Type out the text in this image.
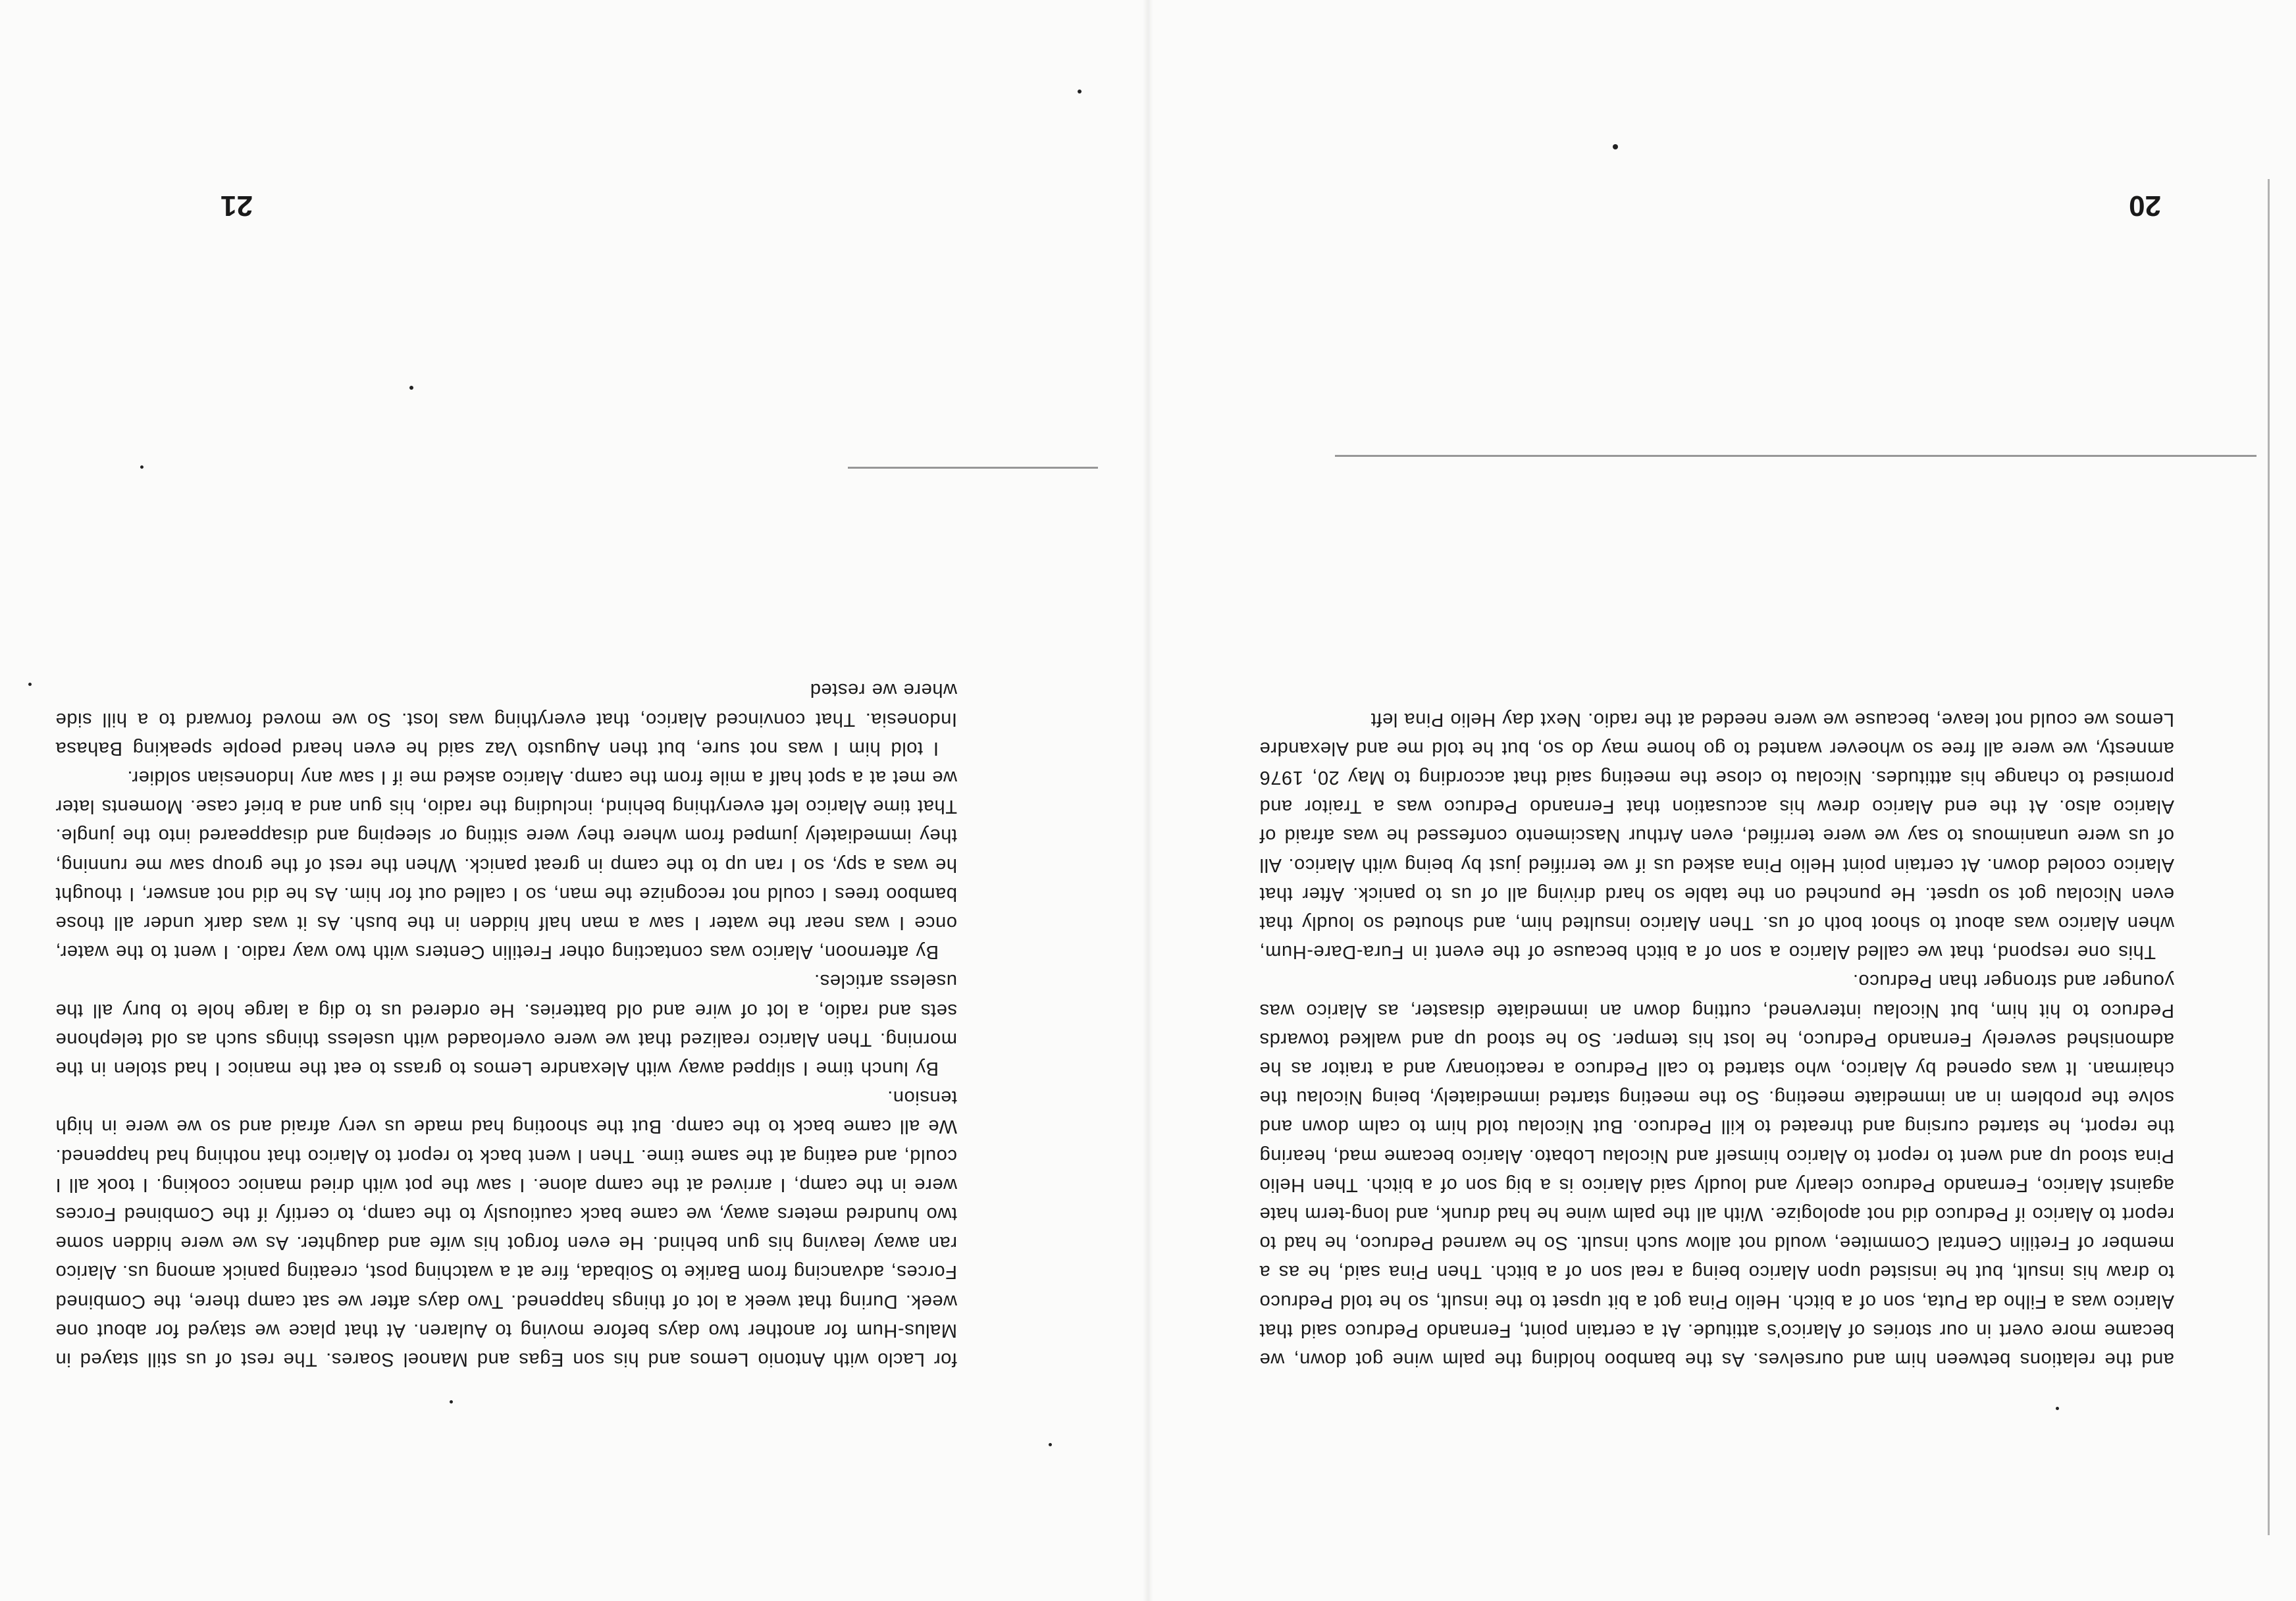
and the relations between him and ourselves. As the bamboo holding the palm wine got down, we became more overt in our stories of Alarico's attitude. At a certain point, Fernando Pedruco said that Alarico was a Filho da Puta, son of a bitch. Helio Pina got a bit upset to the insult, so he told Pedruco to draw his insult, but he insisted upon Alarico being a real son of a bitch. Then Pina said, he as a member of Fretilin Central Commitee, would not allow such insult. So he warned Pedruco, he had to report to Alarico if Pedruco did not apologize. With all the palm wine he had drunk, and long-term hate against Alarico, Fernando Pedruco clearly and loudly said Alarico is a big son of a bitch. Then Helio Pina stood up and went to report to Alarico himself and Nicolau Lobato. Alarico became mad, hearing the report, he started cursing and threated to kill Pedruco. But Nicolau told him to calm down and solve the problem in an immediate meeting. So the meeting started immediately, being Nicolau the chairman. It was opened by Alarico, who started to call Pedruco a reactionary and a traitor as he admonished severely Fernando Pedruco, he lost his temper. So he stood up and walked towards Pedruco to hit him, but Nicolau intervened, cutting down an immediate disaster, as Alarico was younger and stronger than Pedruco.

This one respond, that we called Alarico a son of a bitch because of the event in Fura-Dare-Hum, when Alarico was about to shoot both of us. Then Alarico insulted him, and shouted so loudly that even Nicolau got so upset. He punched on the table so hard driving all of us to panick. After that Alarico cooled down. At certain point Helio Pina asked us if we terrified just by being with Alarico. All of us were unanimous to say we were terrified, even Arthur Nascimento confessed he was afraid of Alarico also. At the end Alarico drew his accusation that Fernando Pedruco was a Traitor and promised to change his attitudes. Nicolau to close the meeting said that according to May 20, 1976 amnesty, we were all free so whoever wanted to go home may do so, but he told me and Alexandre Lemos we could not leave, because we were needed at the radio. Next day Helio Pina left

20

for Laclo with Antonio Lemos and his son Egas and Manoel Soares. The rest of us still stayed in Malus-Hum for another two days before moving to Aularen. At that place we stayed for about one week. During that week a lot of things happened. Two days after we sat camp there, the Combined Forces, advancing from Barike to Soibada, fire at a watching post, creating panick among us. Alarico ran away leaving his gun behind. He even forgot his wife and daughter. As we were hidden some two hundred meters away, we came back cautiously to the camp, to certify if the Combined Forces were in the camp, I arrived at the camp alone. I saw the pot with dried manioc cooking. I took all I could, and eating at the same time. Then I went back to report to Alarico that nothing had happened. We all came back to the camp. But the shooting had made us very afraid and so we were in high tension.

By lunch time I slipped away with Alexandre Lemos to grass to eat the manioc I had stolen in the morning. Then Alarico realized that we were overloaded with useless things such as old telephone sets and radio, a lot of wire and old batteries. He ordered us to dig a large hole to bury all the useless articles.

By afternoon, Alarico was contacting other Fretilin Centers with two way radio. I went to the water, once I was near the water I saw a man half hidden in the bush. As it was dark under all those bamboo trees I could not recognize the man, so I called out for him. As he did not answer, I thought he was a spy, so I ran up to the camp in great panick. When the rest of the group saw me running, they immediately jumped from where they were sitting or sleeping and disappeared into the jungle. That time Alarico left everything behind, including the radio, his gun and a brief case. Moments later we met at a spot half a mile from the camp. Alarico asked me if I saw any Indonesian soldier.

I told him I was not sure, but then Augusto Vaz said he even heard people speaking Bahasa Indonesia. That convinced Alarico, that everything was lost. So we moved forward to a hill side where we rested

21
